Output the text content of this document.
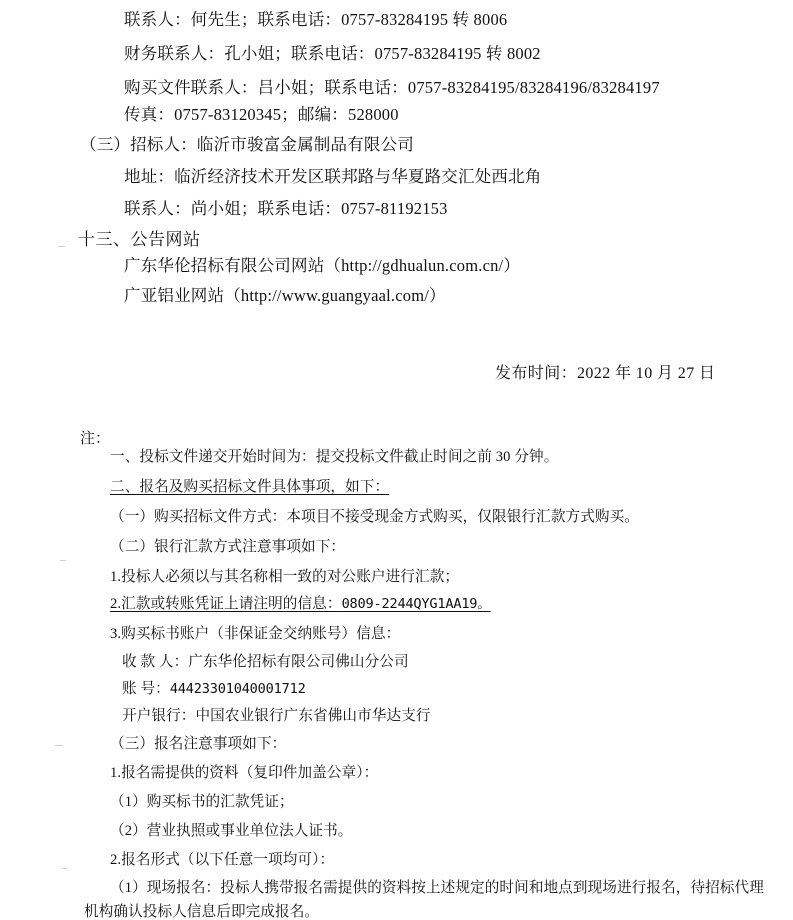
联系人：何先生；联系电话：0757-83284195 转 8006
财务联系人：孔小姐；联系电话：0757-83284195 转 8002
购买文件联系人：吕小姐；联系电话：0757-83284195/83284196/83284197
传真：0757-83120345；邮编：528000
（三）招标人：临沂市骏富金属制品有限公司
地址：临沂经济技术开发区联邦路与华夏路交汇处西北角
联系人：尚小姐；联系电话：0757-81192153
十三、公告网站
广东华伦招标有限公司网站（http://gdhualun.com.cn/）
广亚铝业网站（http://www.guangyaal.com/）
发布时间：2022 年 10 月 27 日
注：
一、投标文件递交开始时间为：提交投标文件截止时间之前 30 分钟。
二、报名及购买招标文件具体事项，如下：
（一）购买招标文件方式：本项目不接受现金方式购买，仅限银行汇款方式购买。
（二）银行汇款方式注意事项如下：
1.投标人必须以与其名称相一致的对公账户进行汇款；
2.汇款或转账凭证上请注明的信息：0809-2244QYG1AA19。
3.购买标书账户（非保证金交纳账号）信息：
收 款 人：广东华伦招标有限公司佛山分公司
账 号：44423301040001712
开户银行：中国农业银行广东省佛山市华达支行
（三）报名注意事项如下：
1.报名需提供的资料（复印件加盖公章）：
（1）购买标书的汇款凭证；
（2）营业执照或事业单位法人证书。
2.报名形式（以下任意一项均可）：
（1）现场报名：投标人携带报名需提供的资料按上述规定的时间和地点到现场进行报名，待招标代理
机构确认投标人信息后即完成报名。
